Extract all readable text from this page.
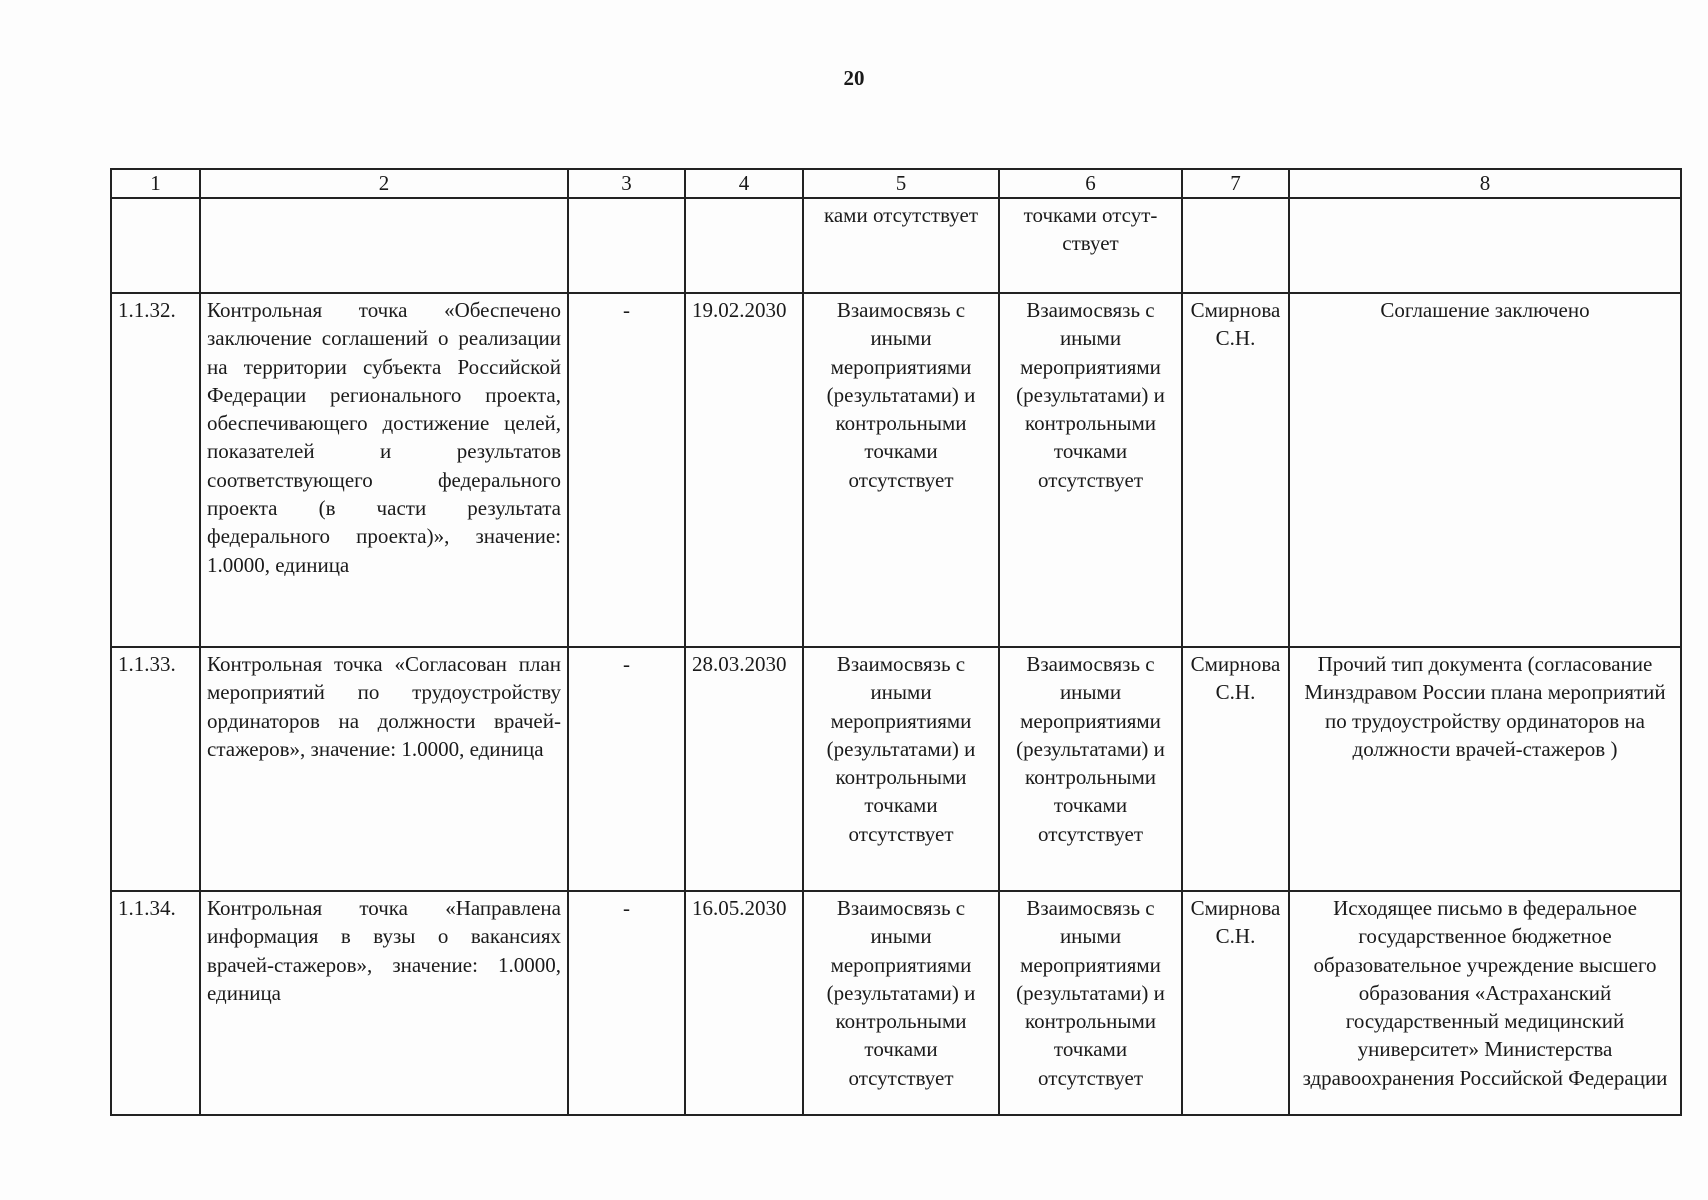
20
1	2	3	4	5	6	7	8
				ками отсутствует	точками отсут-ствует		
1.1.32.	Контрольная точка «Обеспечено заключение соглашений о реализации на территории субъекта Российской Федерации регионального проекта, обеспечивающего достижение целей, показателей и результатов соответствующего федерального проекта (в части результата федерального проекта)», значение: 1.0000, единица	-	19.02.2030	Взаимосвязь с иными мероприятиями (результатами) и контрольными точками отсутствует	Взаимосвязь с иными мероприятиями (результатами) и контрольными точками отсутствует	Смирнова С.Н.	Соглашение заключено
1.1.33.	Контрольная точка «Согласован план мероприятий по трудоустройству ординаторов на должности врачей-стажеров», значение: 1.0000, единица	-	28.03.2030	Взаимосвязь с иными мероприятиями (результатами) и контрольными точками отсутствует	Взаимосвязь с иными мероприятиями (результатами) и контрольными точками отсутствует	Смирнова С.Н.	Прочий тип документа (согласование Минздравом России плана мероприятий по трудоустройству ординаторов на должности врачей-стажеров )
1.1.34.	Контрольная точка «Направлена информация в вузы о вакансиях врачей-стажеров», значение: 1.0000, единица	-	16.05.2030	Взаимосвязь с иными мероприятиями (результатами) и контрольными точками отсутствует	Взаимосвязь с иными мероприятиями (результатами) и контрольными точками отсутствует	Смирнова С.Н.	Исходящее письмо в федеральное государственное бюджетное образовательное учреждение высшего образования «Астраханский государственный медицинский университет» Министерства здравоохранения Российской Федерации
